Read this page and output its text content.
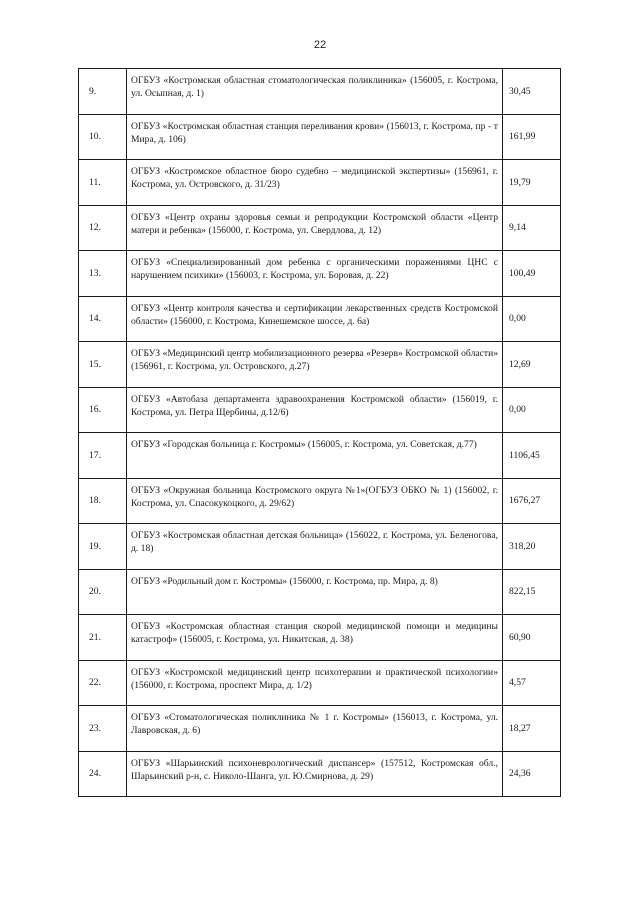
22
9.	ОГБУЗ «Костромская областная стоматологическая поликлиника» (156005, г. Кострома, ул. Осыпная, д. 1)	30,45
10.	ОГБУЗ «Костромская областная станция переливания крови» (156013, г. Кострома, пр - т Мира, д. 106)	161,99
11.	ОГБУЗ «Костромское областное бюро судебно – медицинской экспертизы» (156961, г. Кострома, ул. Островского, д. 31/23)	19,79
12.	ОГБУЗ «Центр охраны здоровья семьи и репродукции Костромской области «Центр матери и ребенка» (156000, г. Кострома, ул. Свердлова, д. 12)	9,14
13.	ОГБУЗ «Специализированный дом ребенка с органическими поражениями ЦНС с нарушением психики» (156003, г. Кострома, ул. Боровая, д. 22)	100,49
14.	ОГБУЗ «Центр контроля качества и сертификации лекарственных средств Костромской области» (156000, г. Кострома, Кинешемское шоссе, д. 6а)	0,00
15.	ОГБУЗ «Медицинский центр мобилизационного резерва «Резерв» Костромской области» (156961, г. Кострома, ул. Островского, д.27)	12,69
16.	ОГБУЗ «Автобаза департамента здравоохранения Костромской области» (156019, г. Кострома, ул. Петра Щербины, д.12/6)	0,00
17.	ОГБУЗ «Городская больница г. Костромы» (156005, г. Кострома, ул. Советская, д.77)	1106,45
18.	ОГБУЗ «Окружная больница Костромского округа №1»(ОГБУЗ ОБКО № 1) (156002, г. Кострома, ул. Спасокукоцкого, д. 29/62)	1676,27
19.	ОГБУЗ «Костромская областная детская больница» (156022, г. Кострома, ул. Беленогова, д. 18)	318,20
20.	ОГБУЗ «Родильный дом г. Костромы» (156000, г. Кострома, пр. Мира, д. 8)	822,15
21.	ОГБУЗ «Костромская областная станция скорой медицинской помощи и медицины катастроф» (156005, г. Кострома, ул. Никитская, д. 38)	60,90
22.	ОГБУЗ «Костромской медицинский центр психотерапии и практической психологии» (156000, г. Кострома, проспект Мира, д. 1/2)	4,57
23.	ОГБУЗ «Стоматологическая поликлиника № 1 г. Костромы» (156013, г. Кострома, ул. Лавровская, д. 6)	18,27
24.	ОГБУЗ «Шарьинский психоневрологический диспансер» (157512, Костромская обл., Шарьинский р-н, с. Николо-Шанга, ул. Ю.Смирнова, д. 29)	24,36
